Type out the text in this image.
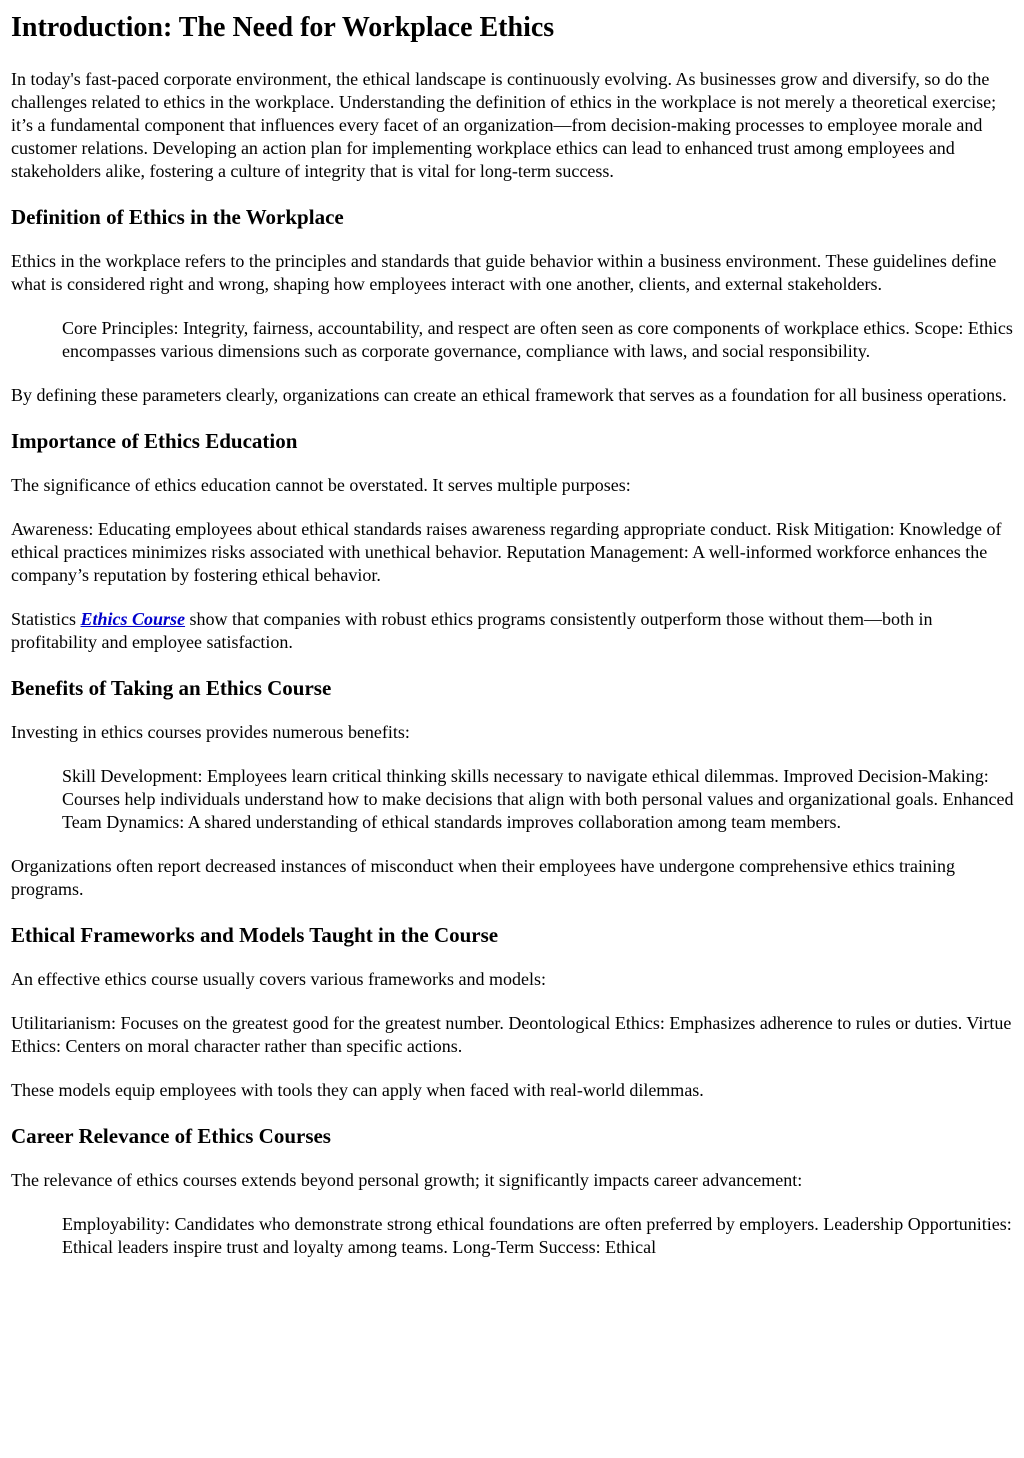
Introduction: The Need for Workplace Ethics

In today's fast-paced corporate environment, the ethical landscape is continuously evolving. As businesses grow and diversify, so do the challenges related to ethics in the workplace. Understanding the definition of ethics in the workplace is not merely a theoretical exercise; it’s a fundamental component that influences every facet of an organization—from decision-making processes to employee morale and customer relations. Developing an action plan for implementing workplace ethics can lead to enhanced trust among employees and stakeholders alike, fostering a culture of integrity that is vital for long-term success.

Definition of Ethics in the Workplace

Ethics in the workplace refers to the principles and standards that guide behavior within a business environment. These guidelines define what is considered right and wrong, shaping how employees interact with one another, clients, and external stakeholders.

Core Principles: Integrity, fairness, accountability, and respect are often seen as core components of workplace ethics. Scope: Ethics encompasses various dimensions such as corporate governance, compliance with laws, and social responsibility.

By defining these parameters clearly, organizations can create an ethical framework that serves as a foundation for all business operations.

Importance of Ethics Education

The significance of ethics education cannot be overstated. It serves multiple purposes:

Awareness: Educating employees about ethical standards raises awareness regarding appropriate conduct. Risk Mitigation: Knowledge of ethical practices minimizes risks associated with unethical behavior. Reputation Management: A well-informed workforce enhances the company’s reputation by fostering ethical behavior.

Statistics Ethics Course show that companies with robust ethics programs consistently outperform those without them—both in profitability and employee satisfaction.

Benefits of Taking an Ethics Course

Investing in ethics courses provides numerous benefits:

Skill Development: Employees learn critical thinking skills necessary to navigate ethical dilemmas. Improved Decision-Making: Courses help individuals understand how to make decisions that align with both personal values and organizational goals. Enhanced Team Dynamics: A shared understanding of ethical standards improves collaboration among team members.

Organizations often report decreased instances of misconduct when their employees have undergone comprehensive ethics training programs.

Ethical Frameworks and Models Taught in the Course

An effective ethics course usually covers various frameworks and models:

Utilitarianism: Focuses on the greatest good for the greatest number. Deontological Ethics: Emphasizes adherence to rules or duties. Virtue Ethics: Centers on moral character rather than specific actions.

These models equip employees with tools they can apply when faced with real-world dilemmas.

Career Relevance of Ethics Courses

The relevance of ethics courses extends beyond personal growth; it significantly impacts career advancement:

Employability: Candidates who demonstrate strong ethical foundations are often preferred by employers. Leadership Opportunities: Ethical leaders inspire trust and loyalty among teams. Long-Term Success: Ethical
